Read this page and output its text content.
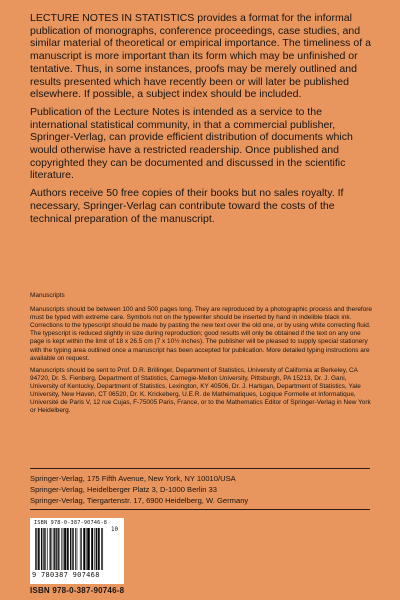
LECTURE NOTES IN STATISTICS provides a format for the informal publication of monographs, conference proceedings, case studies, and similar material of theoretical or empirical importance. The timeliness of a manuscript is more important than its form which may be unfinished or tentative. Thus, in some instances, proofs may be merely outlined and results presented which have recently been or will later be published elsewhere. If possible, a subject index should be included.

Publication of the Lecture Notes is intended as a service to the international statistical community, in that a commercial publisher, Springer-Verlag, can provide efficient distribution of documents which would otherwise have a restricted readership. Once published and copyrighted they can be documented and discussed in the scientific literature.

Authors receive 50 free copies of their books but no sales royalty. If necessary, Springer-Verlag can contribute toward the costs of the technical preparation of the manuscript.

Manuscripts

Manuscripts should be between 100 and 500 pages long. They are reproduced by a photographic process and therefore must be typed with extreme care. Symbols not on the typewriter should be inserted by hand in indelible black ink. Corrections to the typescript should be made by pasting the new text over the old one, or by using white correcting fluid. The typescript is reduced slightly in size during reproduction; good results will only be obtained if the text on any one page is kept within the limit of 18 x 26.5 cm (7 x 10½ inches). The publisher will be pleased to supply special stationery with the typing area outlined once a manuscript has been accepted for publication. More detailed typing instructions are available on request.

Manuscripts should be sent to Prof. D.R. Brillinger, Department of Statistics, University of California at Berkeley, CA 94720, Dr. S. Fienberg, Department of Statistics, Carnegie-Mellon University, Pittsburgh, PA 15213, Dr. J. Gani, University of Kentucky, Department of Statistics, Lexington, KY 40506, Dr. J. Hartigan, Department of Statistics, Yale University, New Haven, CT 06520, Dr. K. Krickeberg, U.E.R. de Mathématiques, Logique Formelle et Informatique, Université de Paris V, 12 rue Cujas, F-75005 Paris, France, or to the Mathematics Editor of Springer-Verlag in New York or Heidelberg.

Springer-Verlag, 175 Fifth Avenue, New York, NY 10010/USA
Springer-Verlag, Heidelberger Platz 3, D-1000 Berlin 33
Springer-Verlag, Tiergartenstr. 17, 6900 Heidelberg, W. Germany
ISBN 978-0-387-90746-8
10
9 780387 907468
ISBN 978-0-387-90746-8
